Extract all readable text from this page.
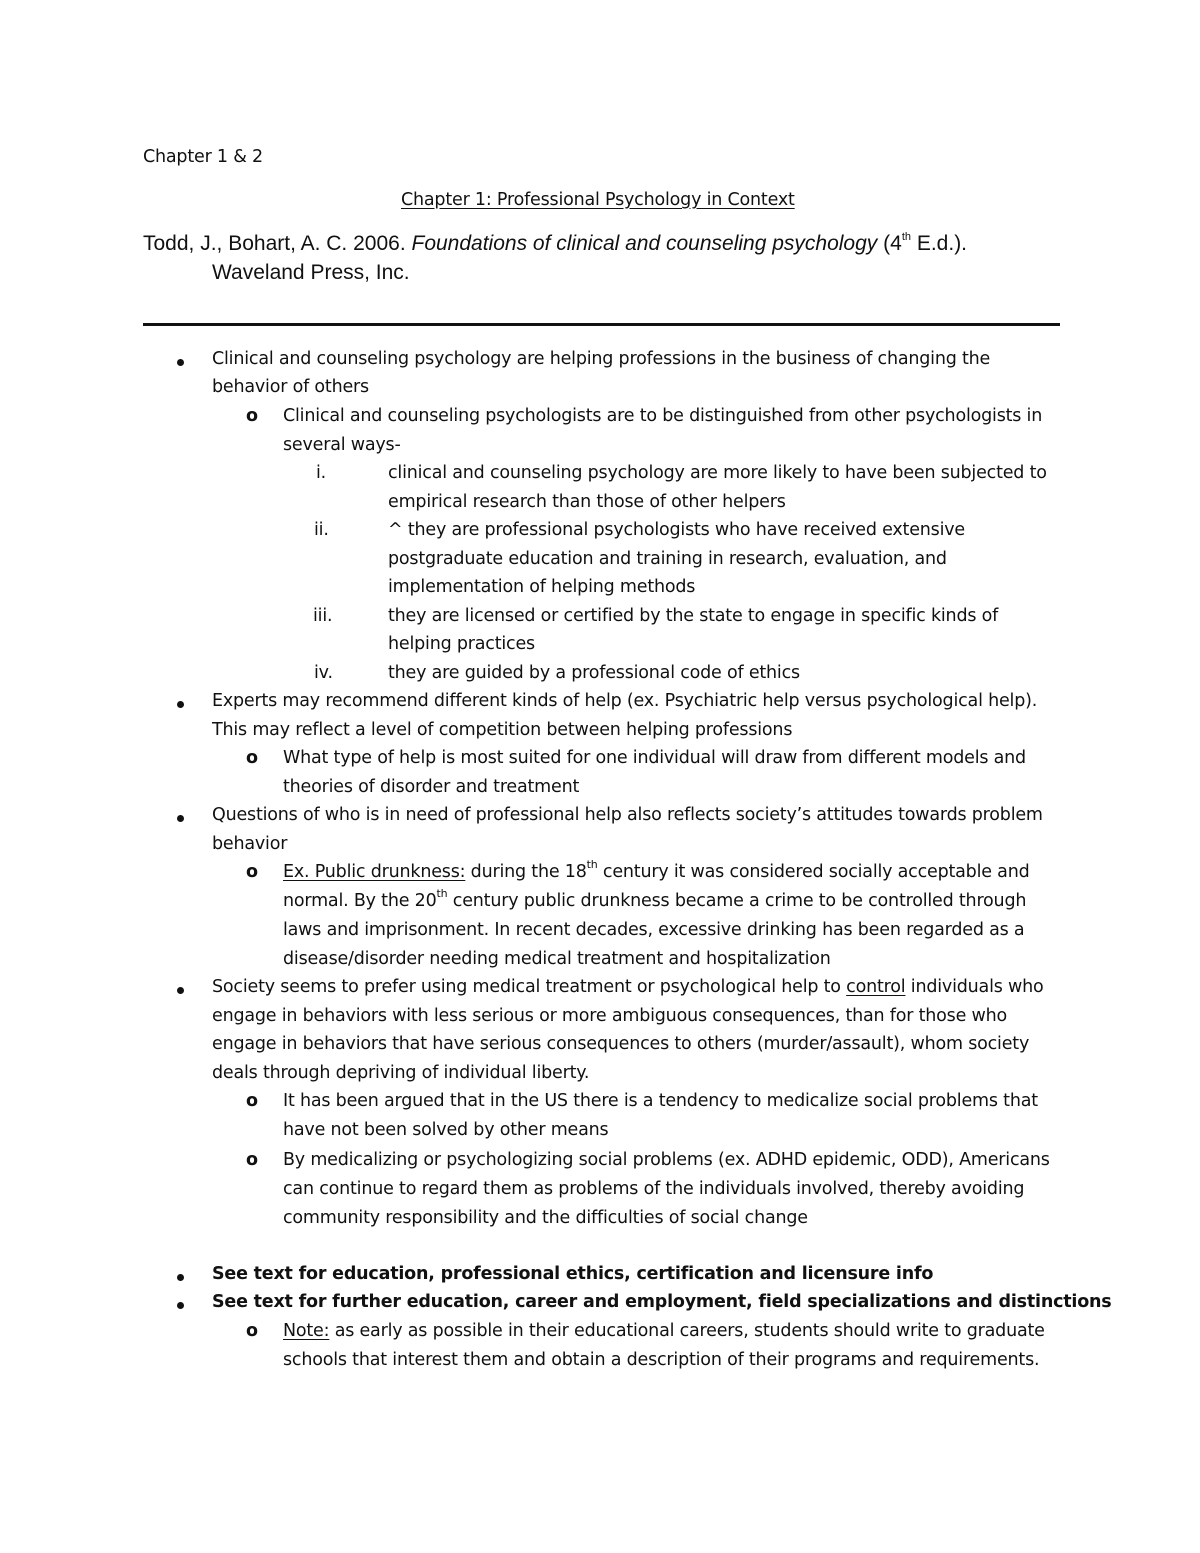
Chapter 1 & 2
Chapter 1: Professional Psychology in Context
Todd, J., Bohart, A. C. 2006. Foundations of clinical and counseling psychology (4th E.d.).
Waveland Press, Inc.
Clinical and counseling psychology are helping professions in the business of changing the
behavior of others
o Clinical and counseling psychologists are to be distinguished from other psychologists in
several ways-
i.	clinical and counseling psychology are more likely to have been subjected to
empirical research than those of other helpers
ii.	^ they are professional psychologists who have received extensive
postgraduate education and training in research, evaluation, and
implementation of helping methods
iii.	they are licensed or certified by the state to engage in specific kinds of
helping practices
iv.	they are guided by a professional code of ethics
Experts may recommend different kinds of help (ex. Psychiatric help versus psychological help).
This may reflect a level of competition between helping professions
o What type of help is most suited for one individual will draw from different models and
theories of disorder and treatment
Questions of who is in need of professional help also reflects society’s attitudes towards problem
behavior
o Ex. Public drunkness: during the 18th century it was considered socially acceptable and
normal. By the 20th century public drunkness became a crime to be controlled through
laws and imprisonment. In recent decades, excessive drinking has been regarded as a
disease/disorder needing medical treatment and hospitalization
Society seems to prefer using medical treatment or psychological help to control individuals who
engage in behaviors with less serious or more ambiguous consequences, than for those who
engage in behaviors that have serious consequences to others (murder/assault), whom society
deals through depriving of individual liberty.
o It has been argued that in the US there is a tendency to medicalize social problems that
have not been solved by other means
o By medicalizing or psychologizing social problems (ex. ADHD epidemic, ODD), Americans
can continue to regard them as problems of the individuals involved, thereby avoiding
community responsibility and the difficulties of social change
See text for education, professional ethics, certification and licensure info
See text for further education, career and employment, field specializations and distinctions
o Note: as early as possible in their educational careers, students should write to graduate
schools that interest them and obtain a description of their programs and requirements.
